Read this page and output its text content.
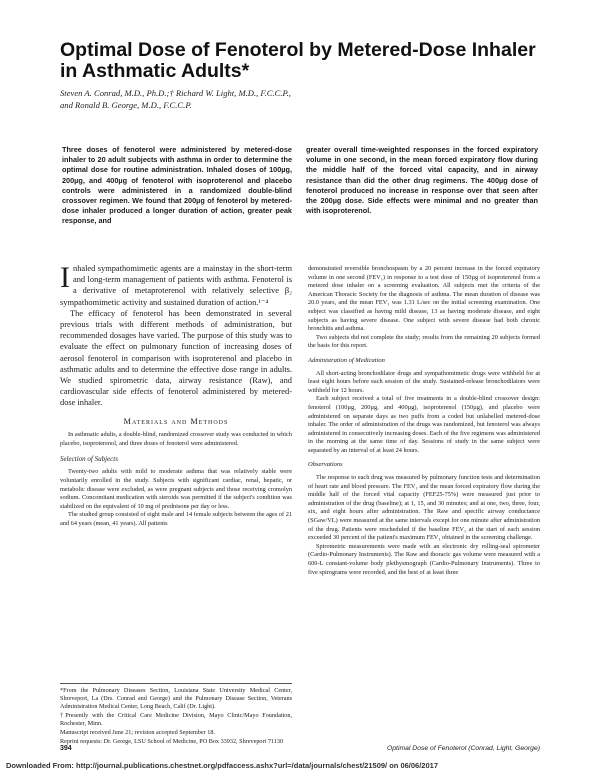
Optimal Dose of Fenoterol by Metered-Dose Inhaler in Asthmatic Adults*
Steven A. Conrad, M.D., Ph.D.;† Richard W. Light, M.D., F.C.C.P.,
and Ronald B. George, M.D., F.C.C.P.

Three doses of fenoterol were administered by metered-dose inhaler to 20 adult subjects with asthma in order to determine the optimal dose for routine administration. Inhaled doses of 100µg, 200µg, and 400µg of fenoterol with isoproterenol and placebo controls were administered in a randomized double-blind crossover regimen. We found that 200µg of fenoterol by metered-dose inhaler produced a longer duration of action, greater peak response, and

greater overall time-weighted responses in the forced expiratory volume in one second, in the mean forced expiratory flow during the middle half of the forced vital capacity, and in airway resistance than did the other drug regimens. The 400µg dose of fenoterol produced no increase in response over that seen after the 200µg dose. Side effects were minimal and no greater than with isoproterenol.

Inhaled sympathomimetic agents are a mainstay in the short-term and long-term management of patients with asthma. Fenoterol is a derivative of metaproterenol with relatively selective β₂ sympathomimetic activity and sustained duration of action.¹⁻⁴

The efficacy of fenoterol has been demonstrated in several previous trials with different methods of administration, but recommended dosages have varied. The purpose of this study was to evaluate the effect on pulmonary function of increasing doses of aerosol fenoterol in comparison with isoproterenol and placebo in asthmatic adults and to determine the effective dose range in adults. We studied spirometric data, airway resistance (Raw), and cardiovascular side effects of fenoterol administered by metered-dose inhaler.

Materials and Methods

In asthmatic adults, a double-blind, randomized crossover study was conducted in which placebo, isoproterenol, and three doses of fenoterol were administered.

Selection of Subjects

Twenty-two adults with mild to moderate asthma that was relatively stable were voluntarily enrolled in the study. Subjects with significant cardiac, renal, hepatic, or metabolic disease were excluded, as were pregnant subjects and those receiving cromolyn sodium. Concomitant medication with steroids was permitted if the subject's condition was stabilized on the equivalent of 10 mg of prednisone per day or less.

The studied group consisted of eight male and 14 female subjects between the ages of 21 and 64 years (mean, 41 years). All patients

demonstrated reversible bronchospasm by a 20 percent increase in the forced expiratory volume in one second (FEV₁) in response to a test dose of 150µg of isoproterenol from a metered dose inhaler on a screening evaluation. All subjects met the criteria of the American Thoracic Society for the diagnosis of asthma. The mean duration of disease was 20.0 years, and the mean FEV₁ was 1.31 L/sec on the initial screening examination. One subject was classified as having mild disease, 13 as having moderate disease, and eight subjects as having severe disease. One subject with severe disease had both chronic bronchitis and asthma.

Two subjects did not complete the study; results from the remaining 20 subjects formed the basis for this report.

Administration of Medication

All short-acting bronchodilator drugs and sympathomimetic drugs were withheld for at least eight hours before each session of the study. Sustained-release bronchodilators were withheld for 12 hours.

Each subject received a total of five treatments in a double-blind crossover design: fenoterol (100µg, 200µg, and 400µg), isoproterenol (150µg), and placebo were administered on separate days as two puffs from a coded but unlabelled metered-dose inhaler. The order of administration of the drugs was randomized, but fenoterol was always administered in consecutively increasing doses. Each of the five regimens was administered in the morning at the same time of day. Sessions of study in the same subject were separated by an interval of at least 24 hours.

Observations

The response to each drug was measured by pulmonary function tests and determination of heart rate and blood pressure. The FEV₁ and the mean forced expiratory flow during the middle half of the forced vital capacity (FEF25-75%) were measured just prior to administration of the drug (baseline); at 1, 15, and 30 minutes; and at one, two, three, four, six, and eight hours after administration. The Raw and specific airway conductance (SGaw/VL) were measured at the same intervals except for one minute after administration of the drug. Patients were rescheduled if the baseline FEV₁ at the start of each session exceeded 30 percent of the patient's maximum FEV₁ obtained in the screening challenge.

Spirometric measurements were made with an electronic dry rolling-seal spirometer (Cardio-Pulmonary Instruments). The Raw and thoracic gas volume were measured with a 600-L constant-volume body plethysmograph (Cardio-Pulmonary Instruments). Three to five spirograms were recorded, and the best of at least three

*From the Pulmonary Diseases Section, Louisiana State University Medical Center, Shreveport, La (Drs. Conrad and George) and the Pulmonary Disease Section, Veterans Administration Medical Center, Long Beach, Calif (Dr. Light).

†Presently with the Critical Care Medicine Division, Mayo Clinic/Mayo Foundation, Rochester, Minn.

Manuscript received June 21; revision accepted September 18.

Reprint requests: Dr. George, LSU School of Medicine, PO Box 33932, Shreveport 71130

394	Optimal Dose of Fenoterol (Conrad, Light, George)
Downloaded From: http://journal.publications.chestnet.org/pdfaccess.ashx?url=/data/journals/chest/21509/ on 06/06/2017
